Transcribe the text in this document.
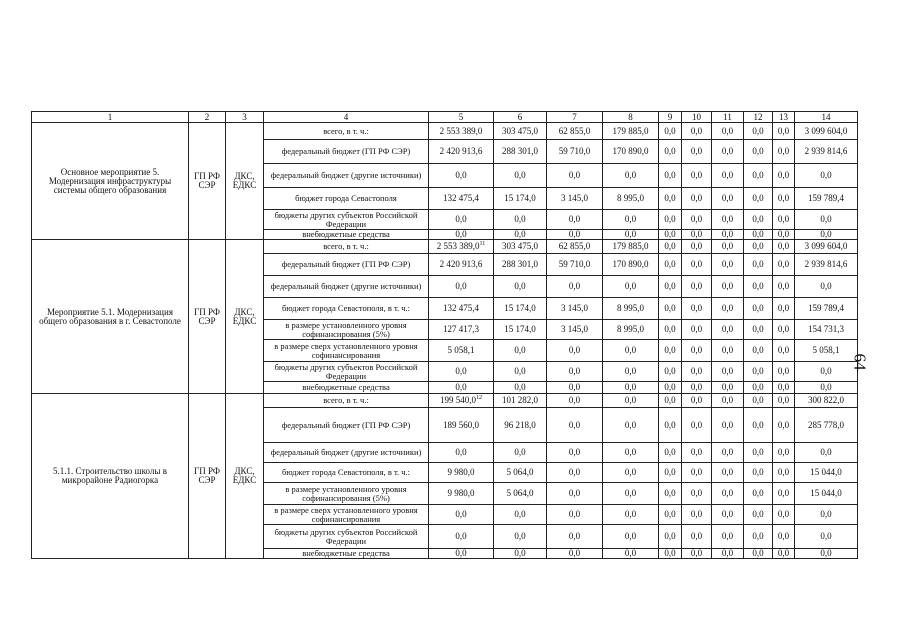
1	2	3	4	5	6	7	8	9	10	11	12	13	14
Основное мероприятие 5. Модернизация инфраструктуры системы общего образования	ГП РФ СЭР	ДКС, ЕДКС	всего, в т. ч.:	2 553 389,0	303 475,0	62 855,0	179 885,0	0,0	0,0	0,0	0,0	0,0	3 099 604,0
			федеральный бюджет (ГП РФ СЭР)	2 420 913,6	288 301,0	59 710,0	170 890,0	0,0	0,0	0,0	0,0	0,0	2 939 814,6
			федеральный бюджет (другие источники)	0,0	0,0	0,0	0,0	0,0	0,0	0,0	0,0	0,0	0,0
			бюджет города Севастополя	132 475,4	15 174,0	3 145,0	8 995,0	0,0	0,0	0,0	0,0	0,0	159 789,4
			бюджеты других субъектов Российской Федерации	0,0	0,0	0,0	0,0	0,0	0,0	0,0	0,0	0,0	0,0
			внебюджетные средства	0,0	0,0	0,0	0,0	0,0	0,0	0,0	0,0	0,0	0,0
Мероприятие 5.1. Модернизация общего образования в г. Севастополе	ГП РФ СЭР	ДКС, ЕДКС	всего, в т. ч.:	2 553 389,0$^{11}$	303 475,0	62 855,0	179 885,0	0,0	0,0	0,0	0,0	0,0	3 099 604,0
			федеральный бюджет (ГП РФ СЭР)	2 420 913,6	288 301,0	59 710,0	170 890,0	0,0	0,0	0,0	0,0	0,0	2 939 814,6
			федеральный бюджет (другие источники)	0,0	0,0	0,0	0,0	0,0	0,0	0,0	0,0	0,0	0,0
			бюджет города Севастополя, в т. ч.:	132 475,4	15 174,0	3 145,0	8 995,0	0,0	0,0	0,0	0,0	0,0	159 789,4
			в размере установленного уровня софинансирования (5%)	127 417,3	15 174,0	3 145,0	8 995,0	0,0	0,0	0,0	0,0	0,0	154 731,3
			в размере сверх установленного уровня софинансирования	5 058,1	0,0	0,0	0,0	0,0	0,0	0,0	0,0	0,0	5 058,1
			бюджеты других субъектов Российской Федерации	0,0	0,0	0,0	0,0	0,0	0,0	0,0	0,0	0,0	0,0
			внебюджетные средства	0,0	0,0	0,0	0,0	0,0	0,0	0,0	0,0	0,0	0,0
5.1.1. Строительство школы в микрорайоне Радиогорка	ГП РФ СЭР	ДКС, ЕДКС	всего, в т. ч.:	199 540,0$^{12}$	101 282,0	0,0	0,0	0,0	0,0	0,0	0,0	0,0	300 822,0
			федеральный бюджет (ГП РФ СЭР)	189 560,0	96 218,0	0,0	0,0	0,0	0,0	0,0	0,0	0,0	285 778,0
			федеральный бюджет (другие источники)	0,0	0,0	0,0	0,0	0,0	0,0	0,0	0,0	0,0	0,0
			бюджет города Севастополя, в т. ч.:	9 980,0	5 064,0	0,0	0,0	0,0	0,0	0,0	0,0	0,0	15 044,0
			в размере установленного уровня софинансирования (5%)	9 980,0	5 064,0	0,0	0,0	0,0	0,0	0,0	0,0	0,0	15 044,0
			в размере сверх установленного уровня софинансирования	0,0	0,0	0,0	0,0	0,0	0,0	0,0	0,0	0,0	0,0
			бюджеты других субъектов Российской Федерации	0,0	0,0	0,0	0,0	0,0	0,0	0,0	0,0	0,0	0,0
			внебюджетные средства	0,0	0,0	0,0	0,0	0,0	0,0	0,0	0,0	0,0	0,0
64
